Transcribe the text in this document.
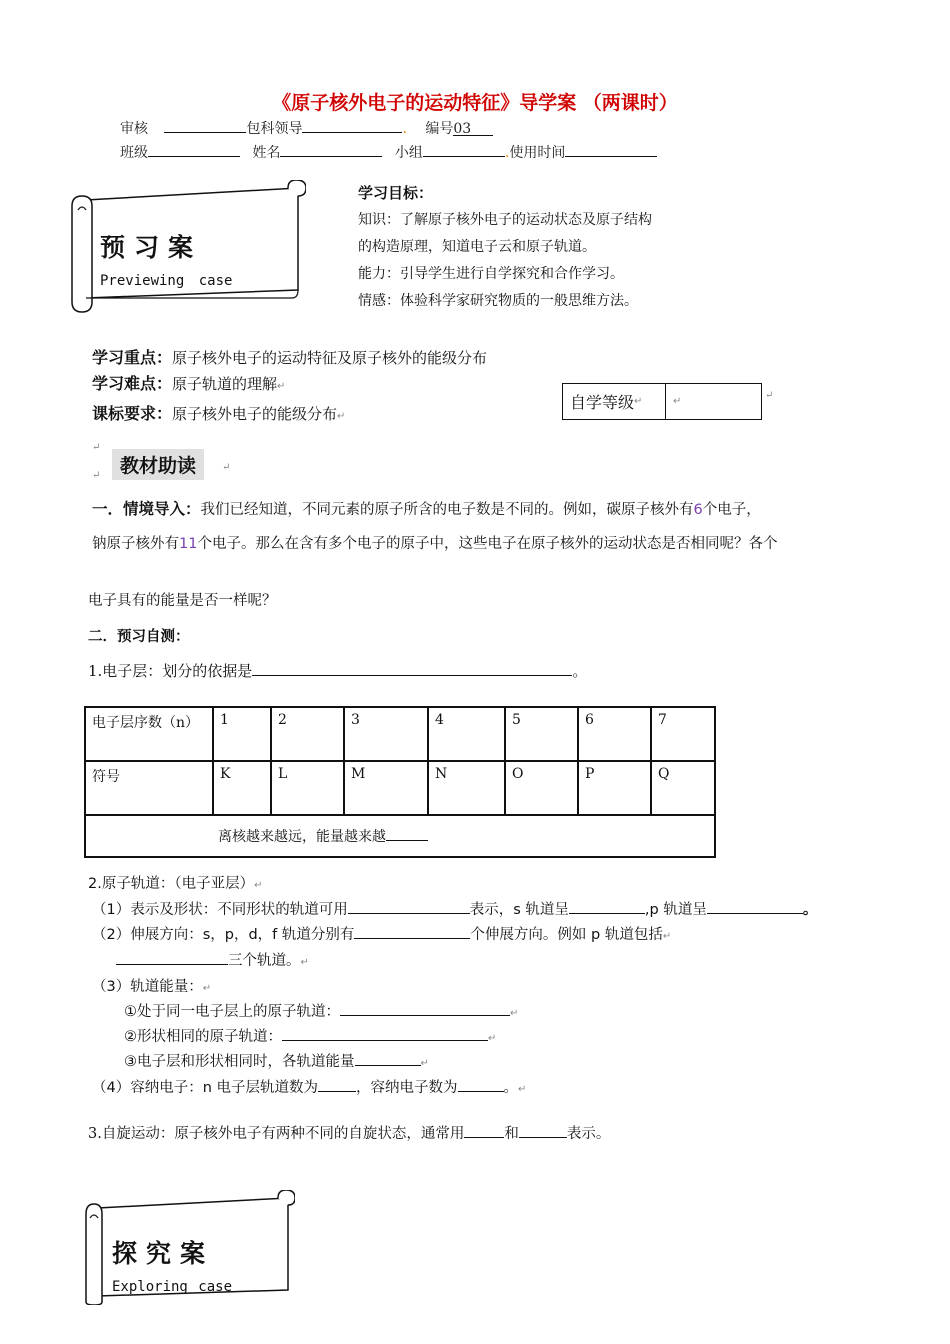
《原子核外电子的运动特征》导学案 （两课时）
审核	包科领导	. 编号03
班级	姓名	小组	.使用时间
预习案
Previewing case
学习目标：
知识：了解原子核外电子的运动状态及原子结构
的构造原理，知道电子云和原子轨道。
能力：引导学生进行自学探究和合作学习。
情感：体验科学家研究物质的一般思维方法。
学习重点：原子核外电子的运动特征及原子核外的能级分布
学习难点：原子轨道的理解↵
课标要求：原子核外电子的能级分布↵
自学等级 ↵	↵
↵
↵
↵	教材助读	↵
一．情境导入：我们已经知道，不同元素的原子所含的电子数是不同的。例如，碳原子核外有6个电子，
钠原子核外有11个电子。那么在含有多个电子的原子中，这些电子在原子核外的运动状态是否相同呢？各个
电子具有的能量是否一样呢？
二．预习自测：
1.电子层：划分的依据是	。
电子层序数（n）	1	2	3	4	5	6	7
符号	K	L	M	N	O	P	Q
离核越来越远，能量越来越							
2.原子轨道：（电子亚层）↵
（1）表示及形状：不同形状的轨道可用	表示，s 轨道呈	,p 轨道呈	。
（2）伸展方向：s，p，d，f 轨道分别有	个伸展方向。例如 p 轨道包括↵
三个轨道。↵
（3）轨道能量：↵
①处于同一电子层上的原子轨道：	↵
②形状相同的原子轨道：	↵
③电子层和形状相同时，各轨道能量	↵
（4）容纳电子：n 电子层轨道数为	，容纳电子数为	。↵
3.自旋运动：原子核外电子有两种不同的自旋状态，通常用	和	表示。
探究案
Exploring case
